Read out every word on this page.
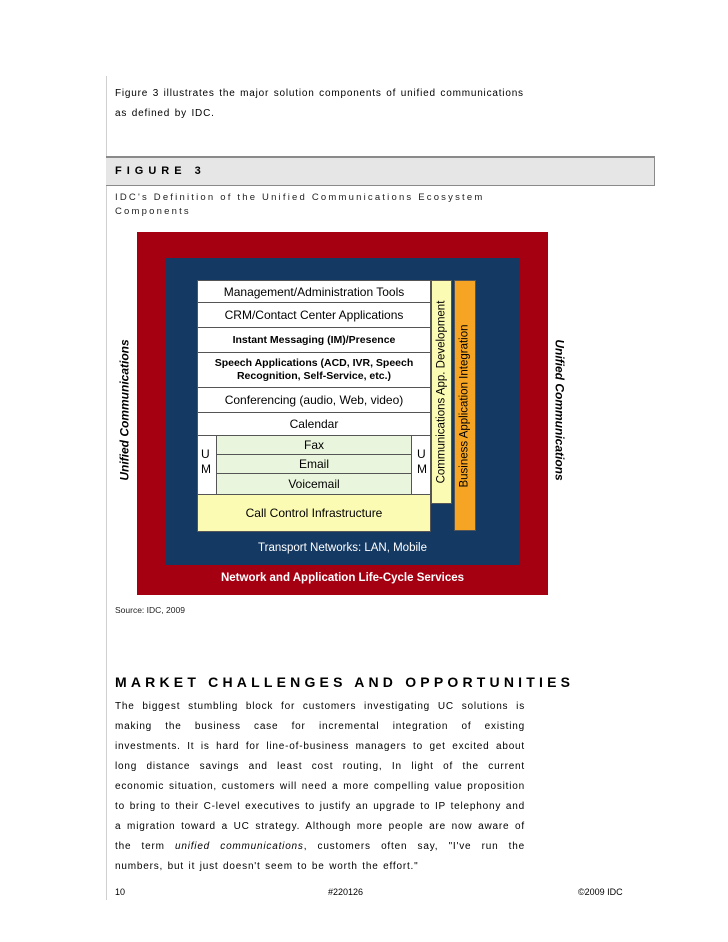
Figure 3 illustrates the major solution components of unified communications as defined by IDC.

FIGURE 3
IDC's Definition of the Unified Communications Ecosystem Components
Unified Communications	Unified Communications
Network and Application Life-Cycle Services
Transport Networks: LAN, Mobile
Management/Administration Tools
CRM/Contact Center Applications
Instant Messaging (IM)/Presence
Speech Applications (ACD, IVR, Speech Recognition, Self-Service, etc.)
Conferencing (audio, Web, video)
Calendar
U
M
U
M
Fax
Email
Voicemail
Call Control Infrastructure
Communications App. Development Business Application Integration
Source: IDC, 2009
MARKET CHALLENGES AND OPPORTUNITIES

The biggest stumbling block for customers investigating UC solutions is making the business case for incremental integration of existing investments. It is hard for line-of-business managers to get excited about long distance savings and least cost routing, In light of the current economic situation, customers will need a more compelling value proposition to bring to their C-level executives to justify an upgrade to IP telephony and a migration toward a UC strategy. Although more people are now aware of the term unified communications, customers often say, "I've run the numbers, but it just doesn't seem to be worth the effort."

10	#220126	©2009 IDC
